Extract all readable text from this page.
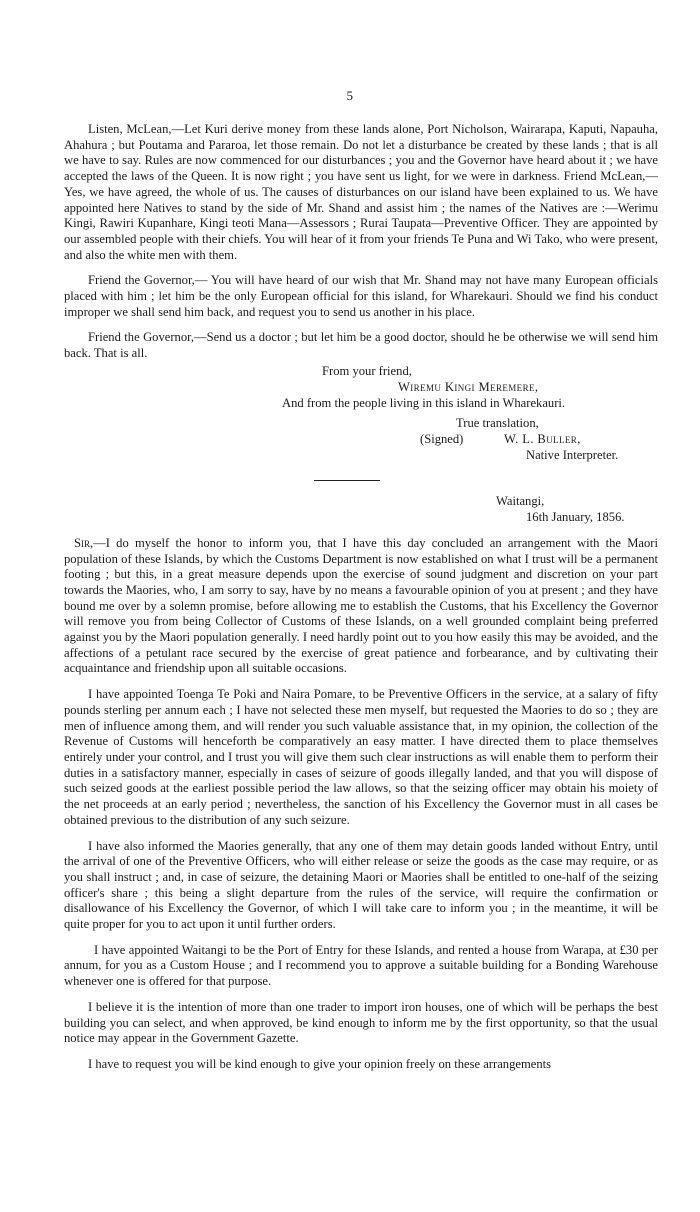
5

Listen, McLean,—Let Kuri derive money from these lands alone, Port Nicholson, Wairarapa, Kaputi, Napauha, Ahahura ; but Poutama and Pararoa, let those remain. Do not let a disturbance be created by these lands ; that is all we have to say. Rules are now commenced for our disturbances ; you and the Governor have heard about it ; we have accepted the laws of the Queen. It is now right ; you have sent us light, for we were in darkness. Friend McLean,—Yes, we have agreed, the whole of us. The causes of disturbances on our island have been explained to us. We have appointed here Natives to stand by the side of Mr. Shand and assist him ; the names of the Natives are :—Werimu Kingi, Rawiri Kupanhare, Kingi teoti Mana—Assessors ; Rurai Taupata—Preventive Officer. They are appointed by our assembled people with their chiefs. You will hear of it from your friends Te Puna and Wi Tako, who were present, and also the white men with them.

Friend the Governor,— You will have heard of our wish that Mr. Shand may not have many European officials placed with him ; let him be the only European official for this island, for Wharekauri. Should we find his conduct improper we shall send him back, and request you to send us another in his place.

Friend the Governor,—Send us a doctor ; but let him be a good doctor, should he be otherwise we will send him back. That is all.

From your friend,
Wiremu Kingi Meremere,
And from the people living in this island in Wharekauri.
True translation,
(Signed)	W. L. Buller,
Native Interpreter.
Waitangi,
16th January, 1856.

Sir,—I do myself the honor to inform you, that I have this day concluded an arrangement with the Maori population of these Islands, by which the Customs Department is now established on what I trust will be a permanent footing ; but this, in a great measure depends upon the exercise of sound judgment and discretion on your part towards the Maories, who, I am sorry to say, have by no means a favourable opinion of you at present ; and they have bound me over by a solemn promise, before allowing me to establish the Customs, that his Excellency the Governor will remove you from being Collector of Customs of these Islands, on a well grounded complaint being preferred against you by the Maori population generally. I need hardly point out to you how easily this may be avoided, and the affections of a petulant race secured by the exercise of great patience and forbearance, and by cultivating their acquaintance and friendship upon all suitable occasions.

I have appointed Toenga Te Poki and Naira Pomare, to be Preventive Officers in the service, at a salary of fifty pounds sterling per annum each ; I have not selected these men myself, but requested the Maories to do so ; they are men of influence among them, and will render you such valuable assistance that, in my opinion, the collection of the Revenue of Customs will henceforth be comparatively an easy matter. I have directed them to place themselves entirely under your control, and I trust you will give them such clear instructions as will enable them to perform their duties in a satisfactory manner, especially in cases of seizure of goods illegally landed, and that you will dispose of such seized goods at the earliest possible period the law allows, so that the seizing officer may obtain his moiety of the net proceeds at an early period ; nevertheless, the sanction of his Excellency the Governor must in all cases be obtained previous to the distribution of any such seizure.

I have also informed the Maories generally, that any one of them may detain goods landed without Entry, until the arrival of one of the Preventive Officers, who will either release or seize the goods as the case may require, or as you shall instruct ; and, in case of seizure, the detaining Maori or Maories shall be entitled to one-half of the seizing officer's share ; this being a slight departure from the rules of the service, will require the confirmation or disallowance of his Excellency the Governor, of which I will take care to inform you ; in the meantime, it will be quite proper for you to act upon it until further orders.

I have appointed Waitangi to be the Port of Entry for these Islands, and rented a house from Warapa, at £30 per annum, for you as a Custom House ; and I recommend you to approve a suitable building for a Bonding Warehouse whenever one is offered for that purpose.

I believe it is the intention of more than one trader to import iron houses, one of which will be perhaps the best building you can select, and when approved, be kind enough to inform me by the first opportunity, so that the usual notice may appear in the Government Gazette.

I have to request you will be kind enough to give your opinion freely on these arrangements
